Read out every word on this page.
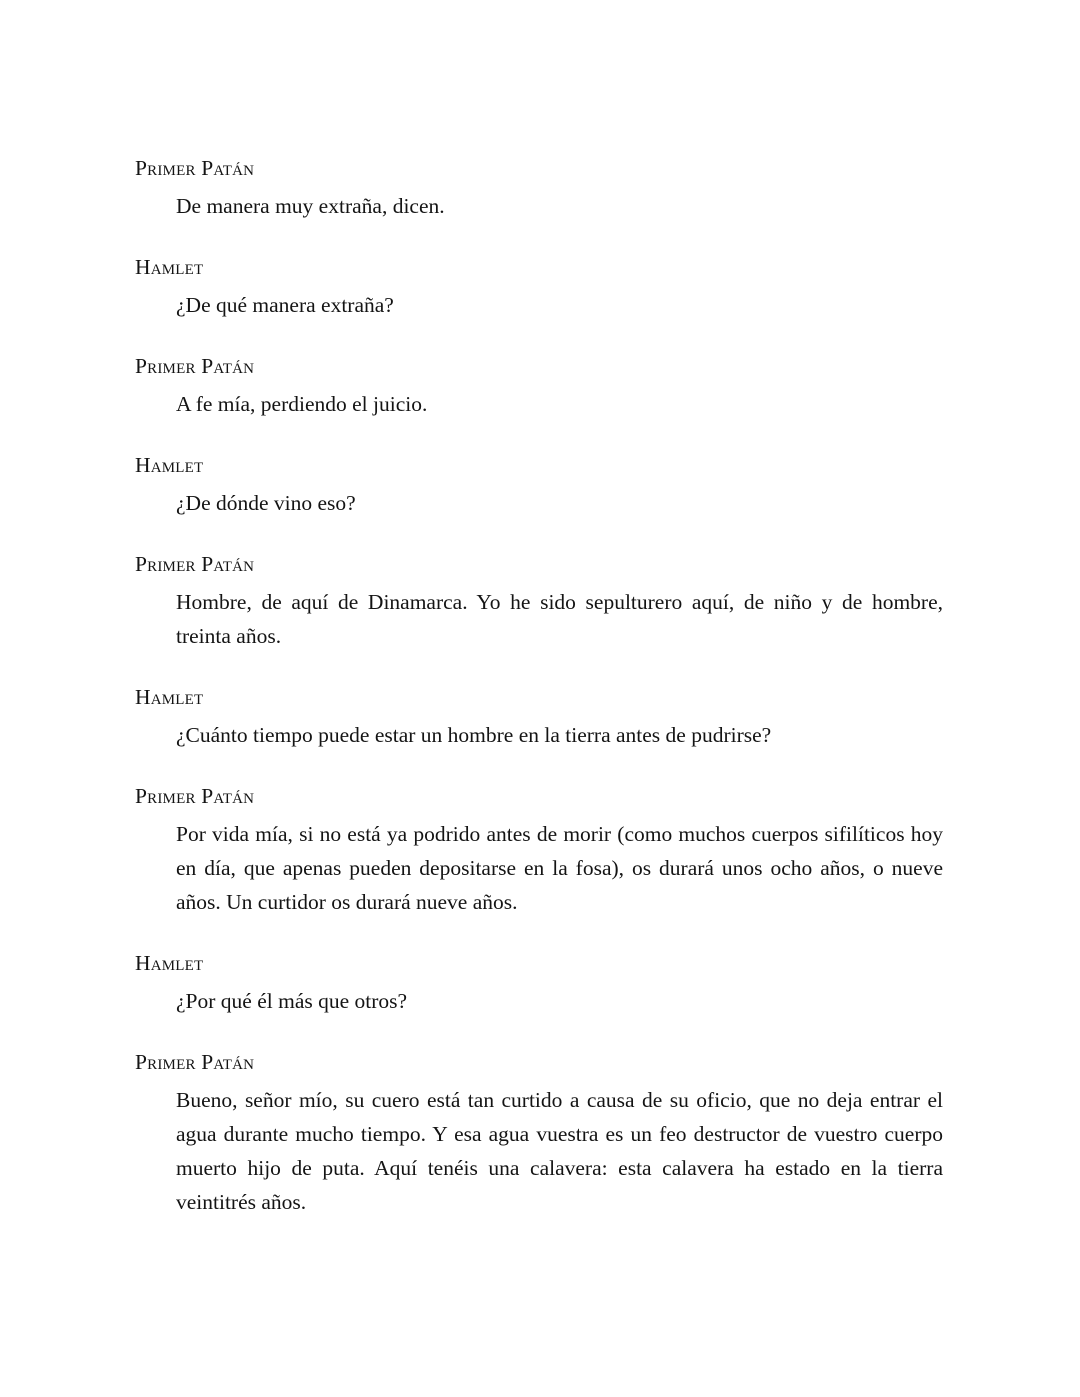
Primer Patán

De manera muy extraña, dicen.

Hamlet

¿De qué manera extraña?

Primer Patán

A fe mía, perdiendo el juicio.

Hamlet

¿De dónde vino eso?

Primer Patán

Hombre, de aquí de Dinamarca. Yo he sido sepulturero aquí, de niño y de hombre, treinta años.

Hamlet

¿Cuánto tiempo puede estar un hombre en la tierra antes de pudrirse?

Primer Patán

Por vida mía, si no está ya podrido antes de morir (como muchos cuerpos sifilíticos hoy en día, que apenas pueden depositarse en la fosa), os durará unos ocho años, o nueve años. Un curtidor os durará nueve años.

Hamlet

¿Por qué él más que otros?

Primer Patán

Bueno, señor mío, su cuero está tan curtido a causa de su oficio, que no deja entrar el agua durante mucho tiempo. Y esa agua vuestra es un feo destructor de vuestro cuerpo muerto hijo de puta. Aquí tenéis una calavera: esta calavera ha estado en la tierra veintitrés años.
